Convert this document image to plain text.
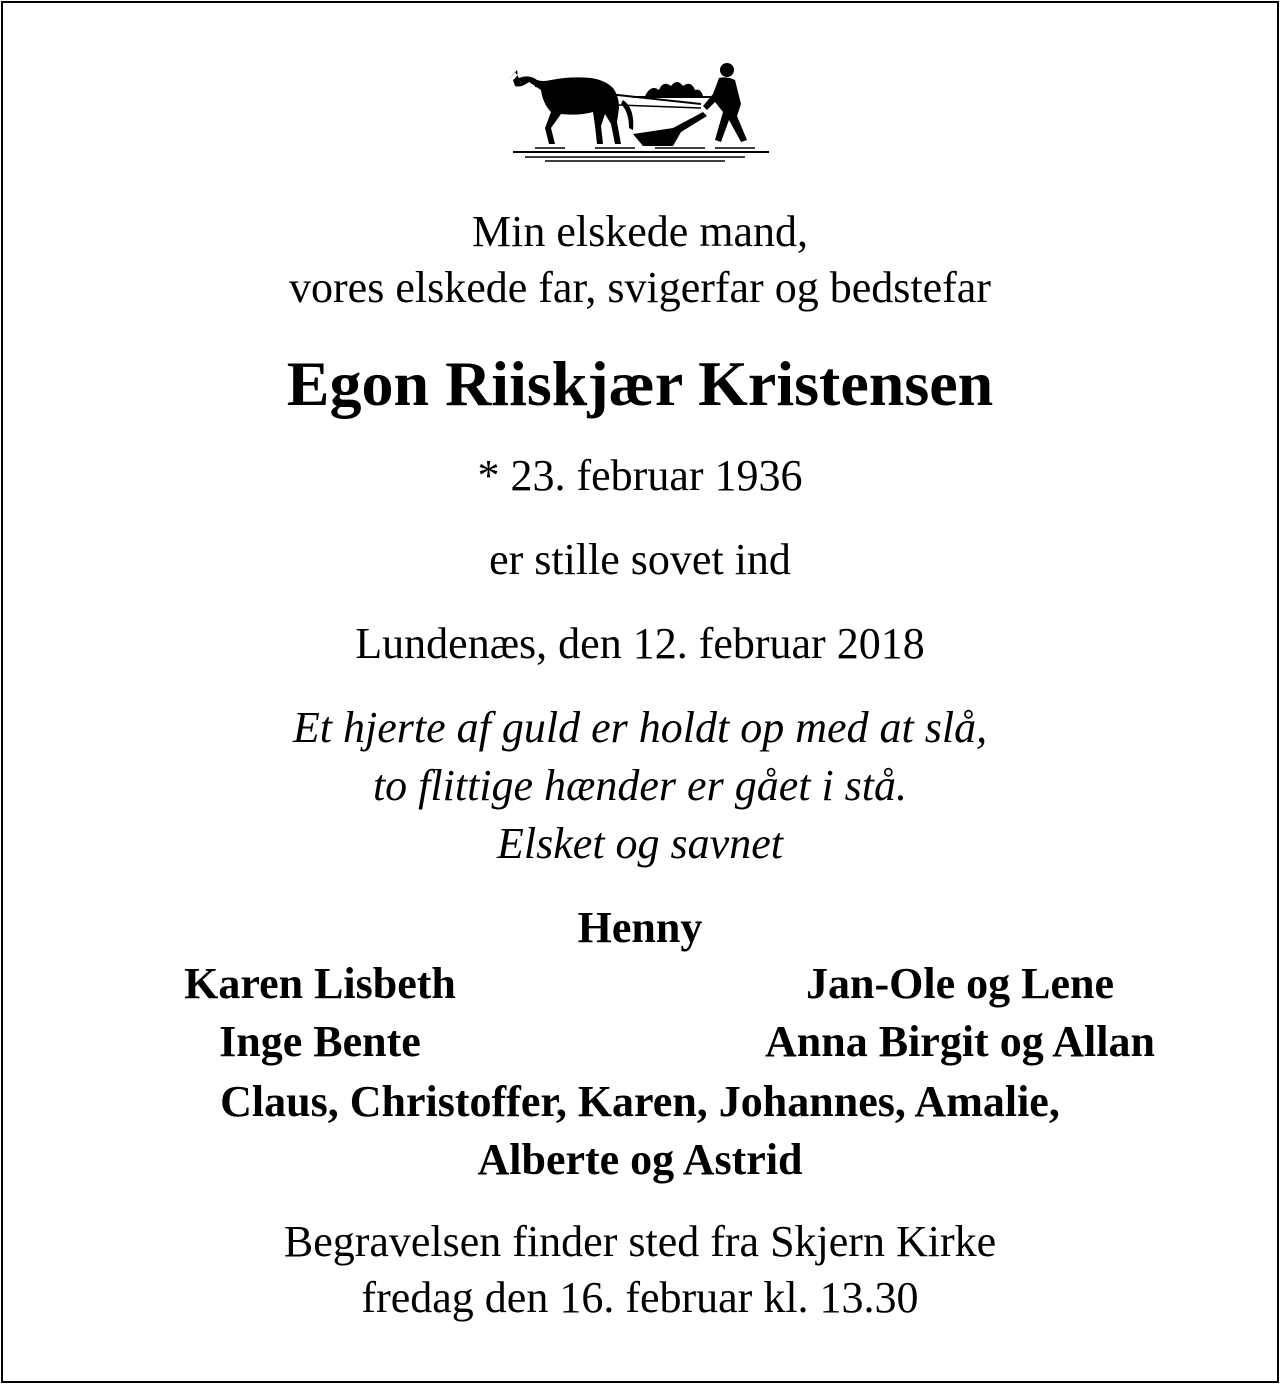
Min elskede mand,
vores elskede far, svigerfar og bedstefar
Egon Riiskjær Kristensen
* 23. februar 1936
er stille sovet ind
Lundenæs, den 12. februar 2018
Et hjerte af guld er holdt op med at slå,
to flittige hænder er gået i stå.
Elsket og savnet
Henny
Karen Lisbeth
Inge Bente
Jan-Ole og Lene
Anna Birgit og Allan
Claus, Christoffer, Karen, Johannes, Amalie,
Alberte og Astrid
Begravelsen finder sted fra Skjern Kirke
fredag den 16. februar kl. 13.30
